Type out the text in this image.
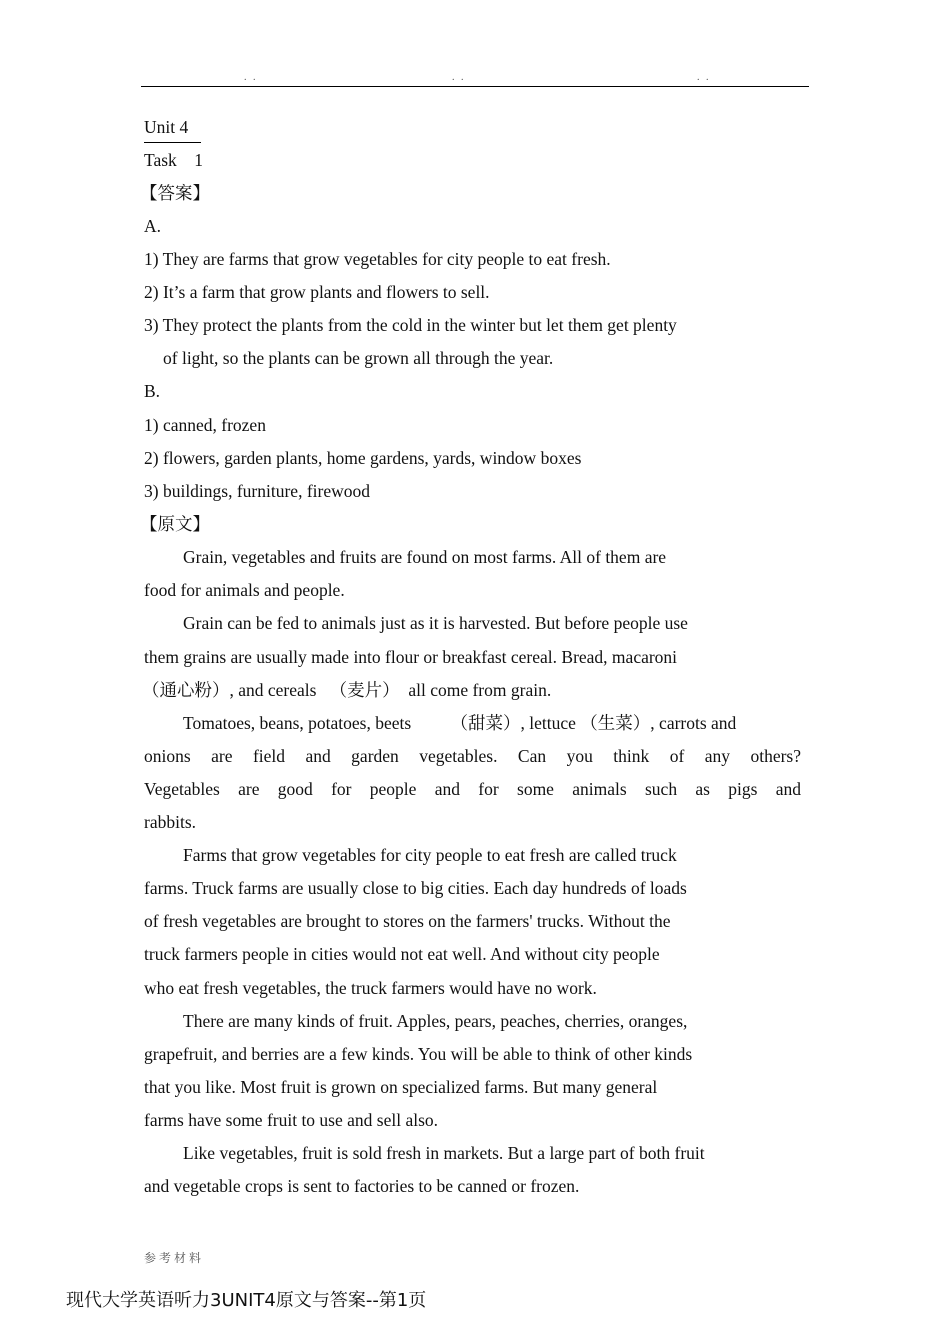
. .	. .	. .
Unit 4
Task    1
【答案】
A.
1) They are farms that grow vegetables for city people to eat fresh.
2) It’s a farm that grow plants and flowers to sell.
3) They protect the plants from the cold in the winter but let them get plenty
of light, so the plants can be grown all through the year.
B.
1) canned, frozen
2) flowers, garden plants, home gardens, yards, window boxes
3) buildings, furniture, firewood
【原文】
Grain, vegetables and fruits are found on most farms. All of them are
food for animals and people.
Grain can be fed to animals just as it is harvested. But before people use
them grains are usually made into flour or breakfast cereal. Bread, macaroni
（通心粉）, and cereals   （麦片）  all come from grain.
Tomatoes, beans, potatoes, beets         （甜菜）, lettuce （生菜）, carrots and
onions are field and garden vegetables. Can you think of any others?
Vegetables are good for people and for some animals such as pigs and
rabbits.
Farms that grow vegetables for city people to eat fresh are called truck
farms. Truck farms are usually close to big cities. Each day hundreds of loads
of fresh vegetables are brought to stores on the farmers' trucks. Without the
truck farmers people in cities would not eat well. And without city people
who eat fresh vegetables, the truck farmers would have no work.
There are many kinds of fruit. Apples, pears, peaches, cherries, oranges,
grapefruit, and berries are a few kinds. You will be able to think of other kinds
that you like. Most fruit is grown on specialized farms. But many general
farms have some fruit to use and sell also.
Like vegetables, fruit is sold fresh in markets. But a large part of both fruit
and vegetable crops is sent to factories to be canned or frozen.
参考材料
现代大学英语听力3UNIT4原文与答案--第1页
